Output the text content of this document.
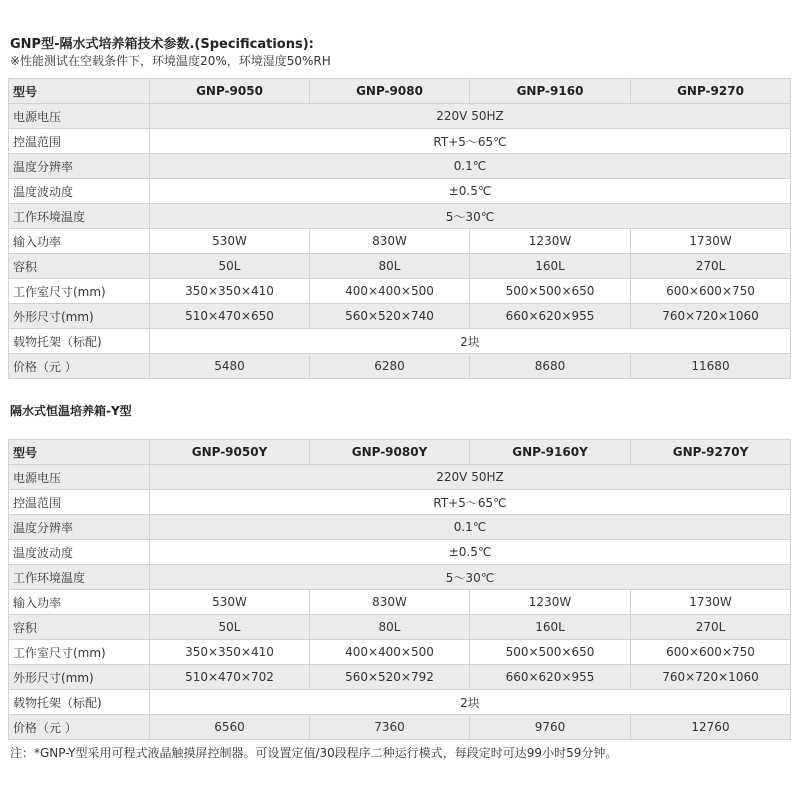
GNP型-隔水式培养箱技术参数.(Specifications):
※性能测试在空载条件下，环境温度20%，环境湿度50%RH
型号	GNP-9050	GNP-9080	GNP-9160	GNP-9270
电源电压	220V 50HZ			
控温范围	RT+5～65℃			
温度分辨率	0.1℃			
温度波动度	±0.5℃			
工作环境温度	5～30℃			
输入功率	530W	830W	1230W	1730W
容积	50L	80L	160L	270L
工作室尺寸(mm)	350×350×410	400×400×500	500×500×650	600×600×750
外形尺寸(mm)	510×470×650	560×520×740	660×620×955	760×720×1060
载物托架（标配)	2块			
价格（元 ）	5480	6280	8680	11680
隔水式恒温培养箱-Y型
型号	GNP-9050Y	GNP-9080Y	GNP-9160Y	GNP-9270Y
电源电压	220V 50HZ			
控温范围	RT+5～65℃			
温度分辨率	0.1℃			
温度波动度	±0.5℃			
工作环境温度	5～30℃			
输入功率	530W	830W	1230W	1730W
容积	50L	80L	160L	270L
工作室尺寸(mm)	350×350×410	400×400×500	500×500×650	600×600×750
外形尺寸(mm)	510×470×702	560×520×792	660×620×955	760×720×1060
载物托架（标配)	2块			
价格（元 ）	6560	7360	9760	12760
注：*GNP-Y型采用可程式液晶触摸屏控制器。可设置定值/30段程序二种运行模式，每段定时可达99小时59分钟。
